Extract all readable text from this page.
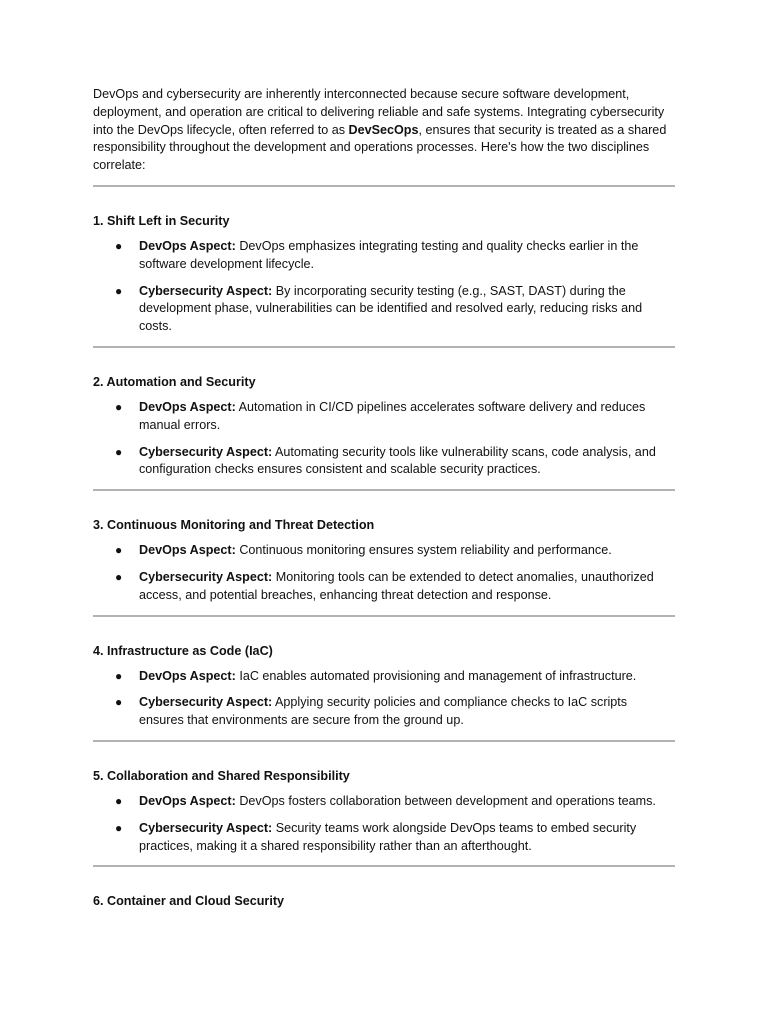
DevOps and cybersecurity are inherently interconnected because secure software development, deployment, and operation are critical to delivering reliable and safe systems. Integrating cybersecurity into the DevOps lifecycle, often referred to as DevSecOps, ensures that security is treated as a shared responsibility throughout the development and operations processes. Here's how the two disciplines correlate:

1. Shift Left in Security
● DevOps Aspect: DevOps emphasizes integrating testing and quality checks earlier in the software development lifecycle.
● Cybersecurity Aspect: By incorporating security testing (e.g., SAST, DAST) during the development phase, vulnerabilities can be identified and resolved early, reducing risks and costs.
2. Automation and Security
● DevOps Aspect: Automation in CI/CD pipelines accelerates software delivery and reduces manual errors.
● Cybersecurity Aspect: Automating security tools like vulnerability scans, code analysis, and configuration checks ensures consistent and scalable security practices.
3. Continuous Monitoring and Threat Detection
● DevOps Aspect: Continuous monitoring ensures system reliability and performance.
● Cybersecurity Aspect: Monitoring tools can be extended to detect anomalies, unauthorized access, and potential breaches, enhancing threat detection and response.
4. Infrastructure as Code (IaC)
● DevOps Aspect: IaC enables automated provisioning and management of infrastructure.
● Cybersecurity Aspect: Applying security policies and compliance checks to IaC scripts ensures that environments are secure from the ground up.
5. Collaboration and Shared Responsibility
● DevOps Aspect: DevOps fosters collaboration between development and operations teams.
● Cybersecurity Aspect: Security teams work alongside DevOps teams to embed security practices, making it a shared responsibility rather than an afterthought.
6. Container and Cloud Security
